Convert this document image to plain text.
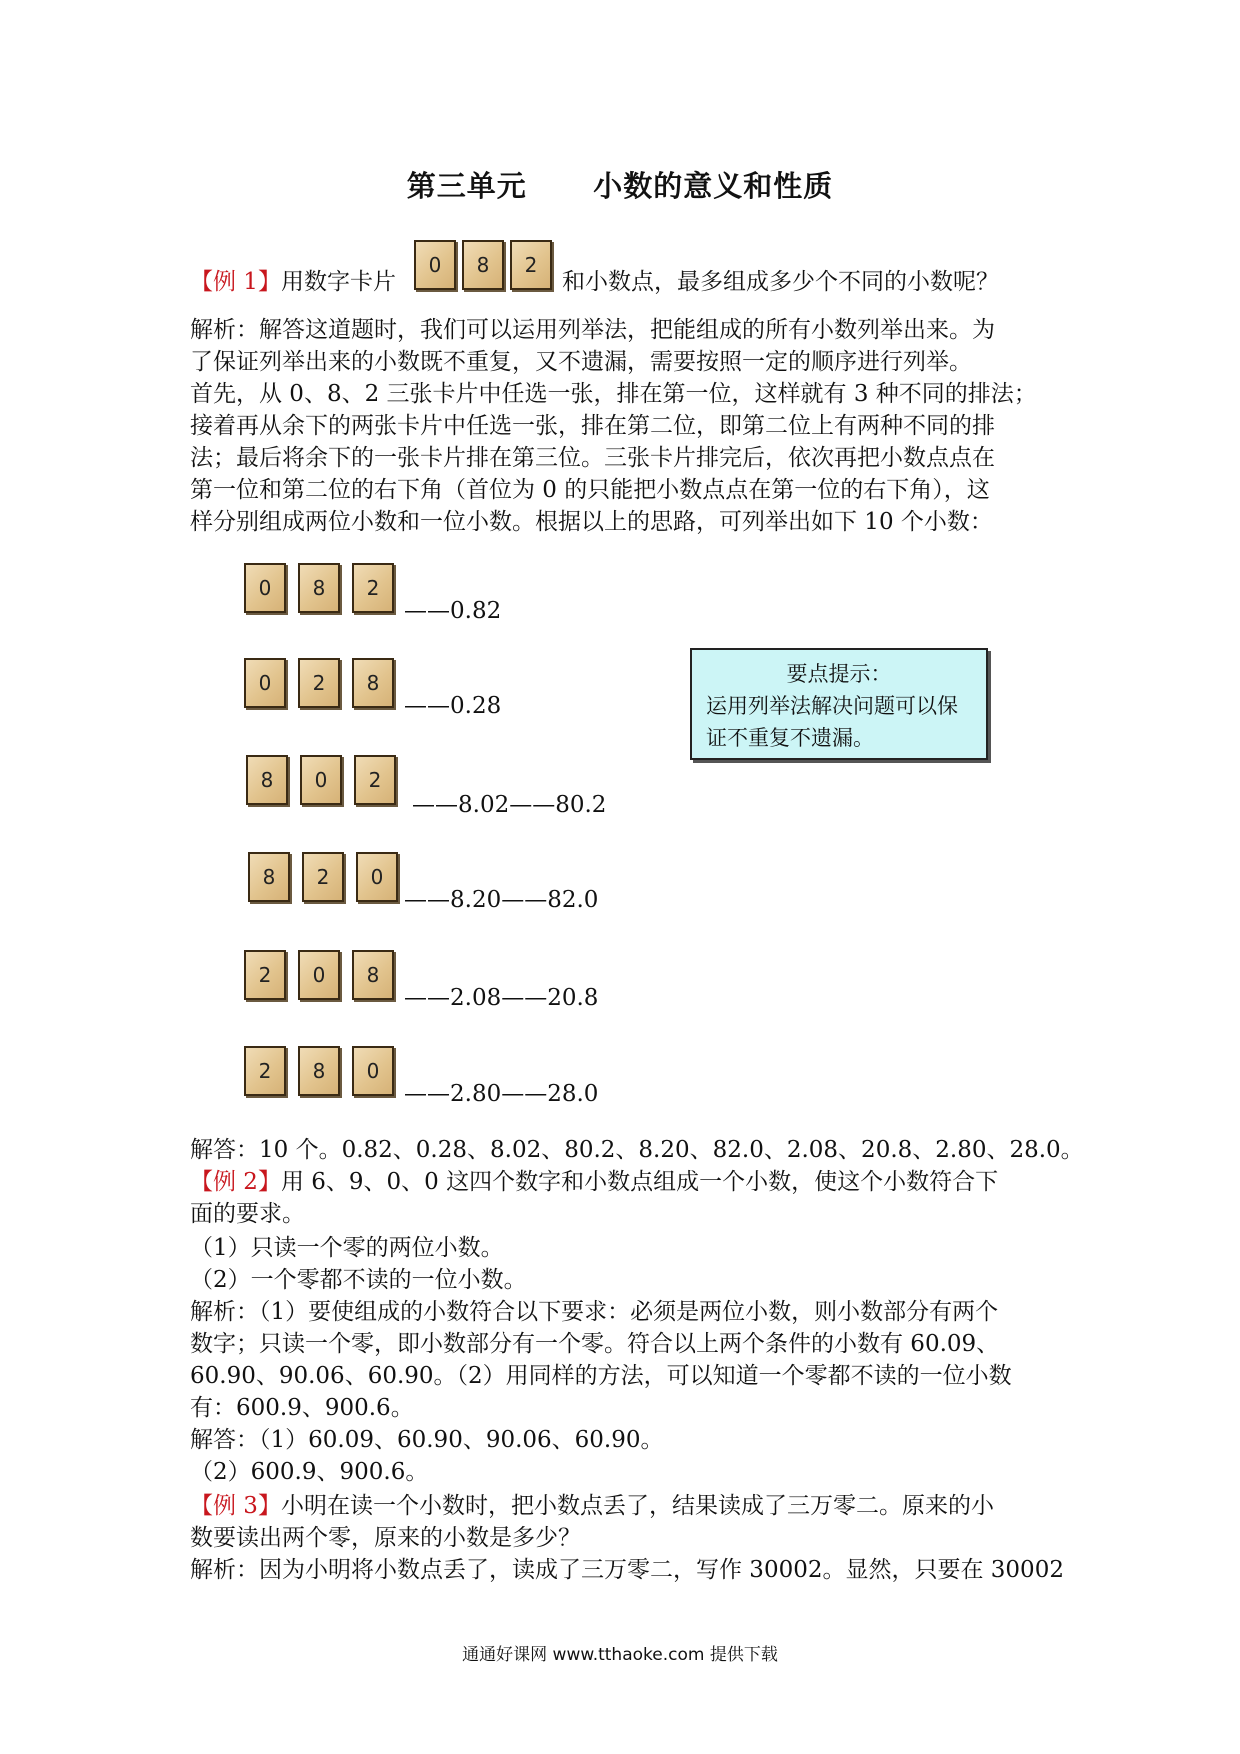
第三单元      小数的意义和性质
【例 1】用数字卡片
0	8	2
和小数点，最多组成多少个不同的小数呢？
解析：解答这道题时，我们可以运用列举法，把能组成的所有小数列举出来。为
了保证列举出来的小数既不重复，又不遗漏，需要按照一定的顺序进行列举。
首先，从 0、8、2 三张卡片中任选一张，排在第一位，这样就有 3 种不同的排法；
接着再从余下的两张卡片中任选一张，排在第二位，即第二位上有两种不同的排
法；最后将余下的一张卡片排在第三位。三张卡片排完后，依次再把小数点点在
第一位和第二位的右下角（首位为 0 的只能把小数点点在第一位的右下角），这
样分别组成两位小数和一位小数。根据以上的思路，可列举出如下 10 个小数：
0	8	2
——0.82
0	2	8
——0.28
8	0	2
——8.02——80.2
8	2	0
——8.20——82.0
2	0	8
——2.08——20.8
2	8	0
——2.80——28.0
要点提示：
运用列举法解决问题可以保证不重复不遗漏。
解答：10 个。0.82、0.28、8.02、80.2、8.20、82.0、2.08、20.8、2.80、28.0。
【例 2】用 6、9、0、0 这四个数字和小数点组成一个小数，使这个小数符合下
面的要求。
（1）只读一个零的两位小数。
（2）一个零都不读的一位小数。
解析：（1）要使组成的小数符合以下要求：必须是两位小数，则小数部分有两个
数字；只读一个零，即小数部分有一个零。符合以上两个条件的小数有 60.09、
60.90、90.06、60.90。（2）用同样的方法，可以知道一个零都不读的一位小数
有：600.9、900.6。
解答：（1）60.09、60.90、90.06、60.90。
（2）600.9、900.6。
【例 3】小明在读一个小数时，把小数点丢了，结果读成了三万零二。原来的小
数要读出两个零，原来的小数是多少？
解析：因为小明将小数点丢了，读成了三万零二，写作 30002。显然，只要在 30002
通通好课网 www.tthaoke.com 提供下载
